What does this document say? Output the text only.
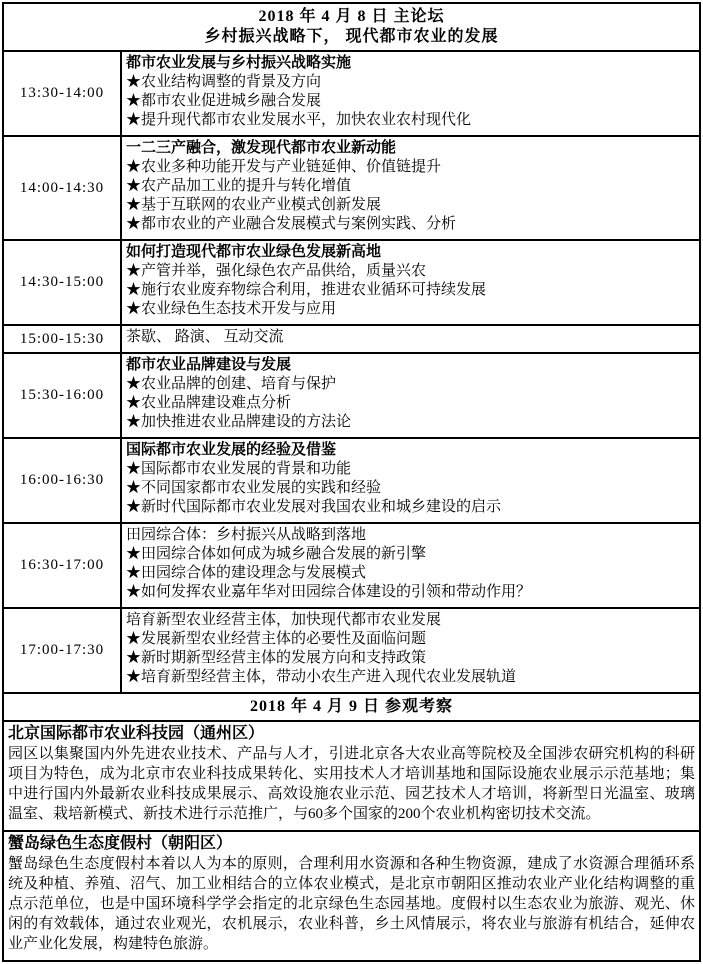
2018 年 4 月 8 日 主论坛
乡村振兴战略下， 现代都市农业的发展
13:30-14:00
都市农业发展与乡村振兴战略实施
★农业结构调整的背景及方向
★都市农业促进城乡融合发展
★提升现代都市农业发展水平，加快农业农村现代化
14:00-14:30
一二三产融合，激发现代都市农业新动能
★农业多种功能开发与产业链延伸、价值链提升
★农产品加工业的提升与转化增值
★基于互联网的农业产业模式创新发展
★都市农业的产业融合发展模式与案例实践、分析
14:30-15:00
如何打造现代都市农业绿色发展新高地
★产管并举，强化绿色农产品供给，质量兴农
★施行农业废弃物综合利用，推进农业循环可持续发展
★农业绿色生态技术开发与应用
15:00-15:30	茶歇、 路演、 互动交流
15:30-16:00
都市农业品牌建设与发展
★农业品牌的创建、培育与保护
★农业品牌建设难点分析
★加快推进农业品牌建设的方法论
16:00-16:30
国际都市农业发展的经验及借鉴
★国际都市农业发展的背景和功能
★不同国家都市农业发展的实践和经验
★新时代国际都市农业发展对我国农业和城乡建设的启示
16:30-17:00
田园综合体：乡村振兴从战略到落地
★田园综合体如何成为城乡融合发展的新引擎
★田园综合体的建设理念与发展模式
★如何发挥农业嘉年华对田园综合体建设的引领和带动作用？
17:00-17:30
培育新型农业经营主体，加快现代都市农业发展
★发展新型农业经营主体的必要性及面临问题
★新时期新型经营主体的发展方向和支持政策
★培育新型经营主体，带动小农生产进入现代农业发展轨道
2018 年 4 月 9 日 参观考察
北京国际都市农业科技园（通州区）
园区以集聚国内外先进农业技术、产品与人才，引进北京各大农业高等院校及全国涉农研究机构的科研项目为特色，成为北京市农业科技成果转化、实用技术人才培训基地和国际设施农业展示示范基地；集中进行国内外最新农业科技成果展示、高效设施农业示范、园艺技术人才培训，将新型日光温室、玻璃温室、栽培新模式、新技术进行示范推广，与60多个国家的200个农业机构密切技术交流。
蟹岛绿色生态度假村（朝阳区）
蟹岛绿色生态度假村本着以人为本的原则，合理利用水资源和各种生物资源，建成了水资源合理循环系统及种植、养殖、沼气、加工业相结合的立体农业模式，是北京市朝阳区推动农业产业化结构调整的重点示范单位，也是中国环境科学学会指定的北京绿色生态园基地。度假村以生态农业为旅游、观光、休闲的有效载体，通过农业观光，农机展示，农业科普，乡土风情展示，将农业与旅游有机结合，延伸农业产业化发展，构建特色旅游。
